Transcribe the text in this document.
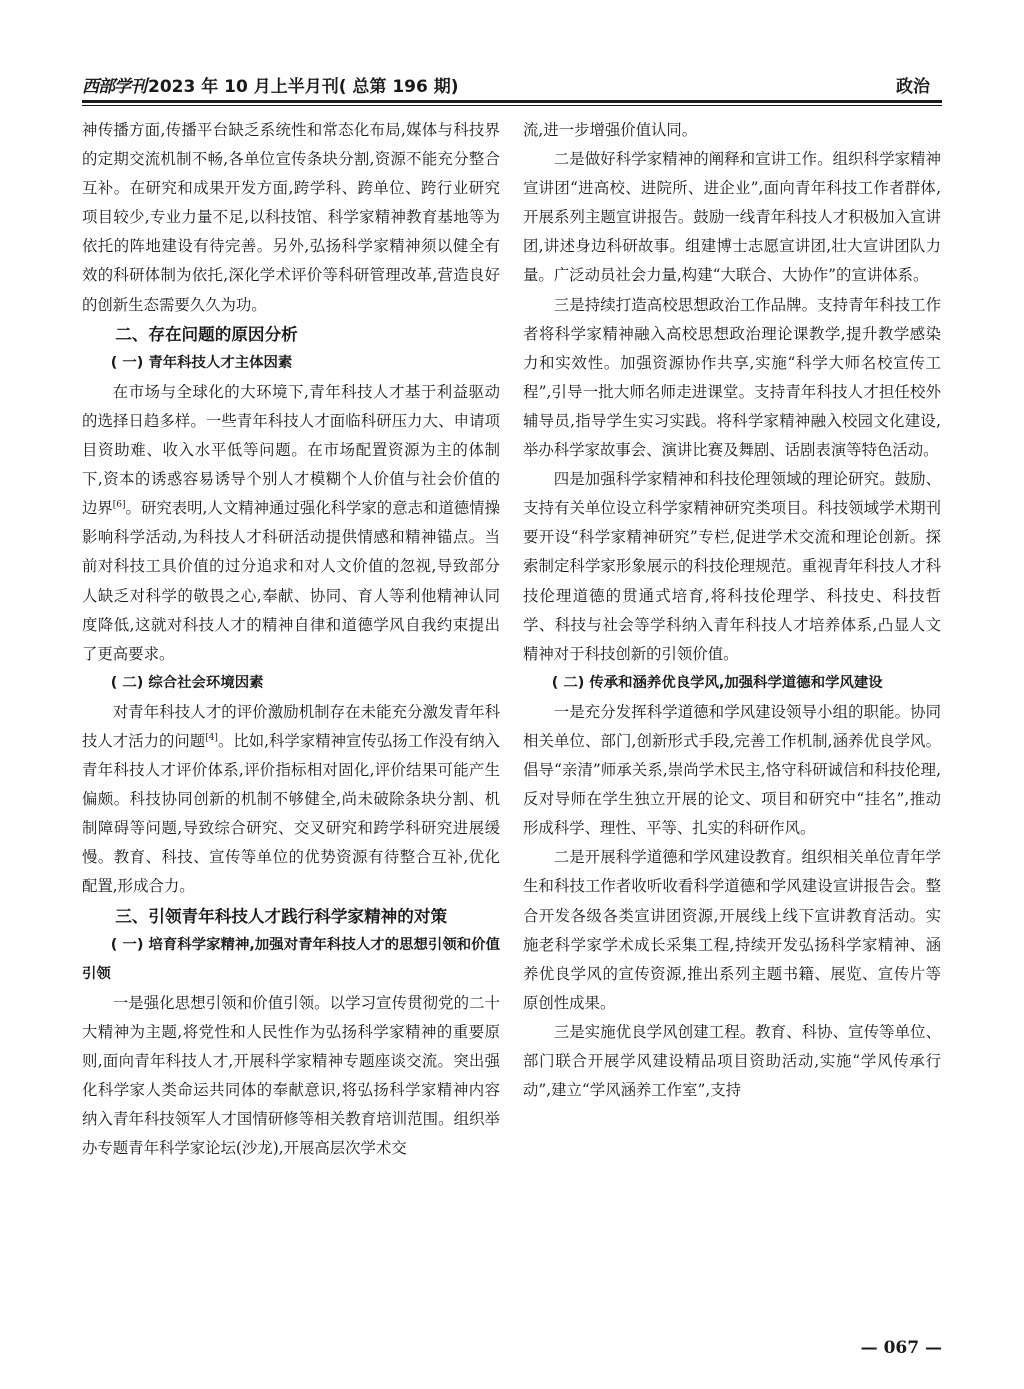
西部学刊 2023 年 10 月上半月刊( 总第 196 期)	政治

神传播方面,传播平台缺乏系统性和常态化布局,媒体与科技界的定期交流机制不畅,各单位宣传条块分割,资源不能充分整合互补。在研究和成果开发方面,跨学科、跨单位、跨行业研究项目较少,专业力量不足,以科技馆、科学家精神教育基地等为依托的阵地建设有待完善。另外,弘扬科学家精神须以健全有效的科研体制为依托,深化学术评价等科研管理改革,营造良好的创新生态需要久久为功。

二、存在问题的原因分析
( 一) 青年科技人才主体因素

在市场与全球化的大环境下,青年科技人才基于利益驱动的选择日趋多样。一些青年科技人才面临科研压力大、申请项目资助难、收入水平低等问题。在市场配置资源为主的体制下,资本的诱惑容易诱导个别人才模糊个人价值与社会价值的边界[6]。研究表明,人文精神通过强化科学家的意志和道德情操影响科学活动,为科技人才科研活动提供情感和精神锚点。当前对科技工具价值的过分追求和对人文价值的忽视,导致部分人缺乏对科学的敬畏之心,奉献、协同、育人等利他精神认同度降低,这就对科技人才的精神自律和道德学风自我约束提出了更高要求。

( 二) 综合社会环境因素

对青年科技人才的评价激励机制存在未能充分激发青年科技人才活力的问题[4]。比如,科学家精神宣传弘扬工作没有纳入青年科技人才评价体系,评价指标相对固化,评价结果可能产生偏颇。科技协同创新的机制不够健全,尚未破除条块分割、机制障碍等问题,导致综合研究、交叉研究和跨学科研究进展缓慢。教育、科技、宣传等单位的优势资源有待整合互补,优化配置,形成合力。

三、引领青年科技人才践行科学家精神的对策
( 一) 培育科学家精神,加强对青年科技人才的思想引领和价值引领

一是强化思想引领和价值引领。以学习宣传贯彻党的二十大精神为主题,将党性和人民性作为弘扬科学家精神的重要原则,面向青年科技人才,开展科学家精神专题座谈交流。突出强化科学家人类命运共同体的奉献意识,将弘扬科学家精神内容纳入青年科技领军人才国情研修等相关教育培训范围。组织举办专题青年科学家论坛(沙龙),开展高层次学术交

流,进一步增强价值认同。

二是做好科学家精神的阐释和宣讲工作。组织科学家精神宣讲团“进高校、进院所、进企业”,面向青年科技工作者群体,开展系列主题宣讲报告。鼓励一线青年科技人才积极加入宣讲团,讲述身边科研故事。组建博士志愿宣讲团,壮大宣讲团队力量。广泛动员社会力量,构建“大联合、大协作”的宣讲体系。

三是持续打造高校思想政治工作品牌。支持青年科技工作者将科学家精神融入高校思想政治理论课教学,提升教学感染力和实效性。加强资源协作共享,实施“科学大师名校宣传工程”,引导一批大师名师走进课堂。支持青年科技人才担任校外辅导员,指导学生实习实践。将科学家精神融入校园文化建设,举办科学家故事会、演讲比赛及舞剧、话剧表演等特色活动。

四是加强科学家精神和科技伦理领域的理论研究。鼓励、支持有关单位设立科学家精神研究类项目。科技领域学术期刊要开设“科学家精神研究”专栏,促进学术交流和理论创新。探索制定科学家形象展示的科技伦理规范。重视青年科技人才科技伦理道德的贯通式培育,将科技伦理学、科技史、科技哲学、科技与社会等学科纳入青年科技人才培养体系,凸显人文精神对于科技创新的引领价值。

( 二) 传承和涵养优良学风,加强科学道德和学风建设

一是充分发挥科学道德和学风建设领导小组的职能。协同相关单位、部门,创新形式手段,完善工作机制,涵养优良学风。倡导“亲清”师承关系,崇尚学术民主,恪守科研诚信和科技伦理,反对导师在学生独立开展的论文、项目和研究中“挂名”,推动形成科学、理性、平等、扎实的科研作风。

二是开展科学道德和学风建设教育。组织相关单位青年学生和科技工作者收听收看科学道德和学风建设宣讲报告会。整合开发各级各类宣讲团资源,开展线上线下宣讲教育活动。实施老科学家学术成长采集工程,持续开发弘扬科学家精神、涵养优良学风的宣传资源,推出系列主题书籍、展览、宣传片等原创性成果。

三是实施优良学风创建工程。教育、科协、宣传等单位、部门联合开展学风建设精品项目资助活动,实施“学风传承行动”,建立“学风涵养工作室”,支持

— 067 —
